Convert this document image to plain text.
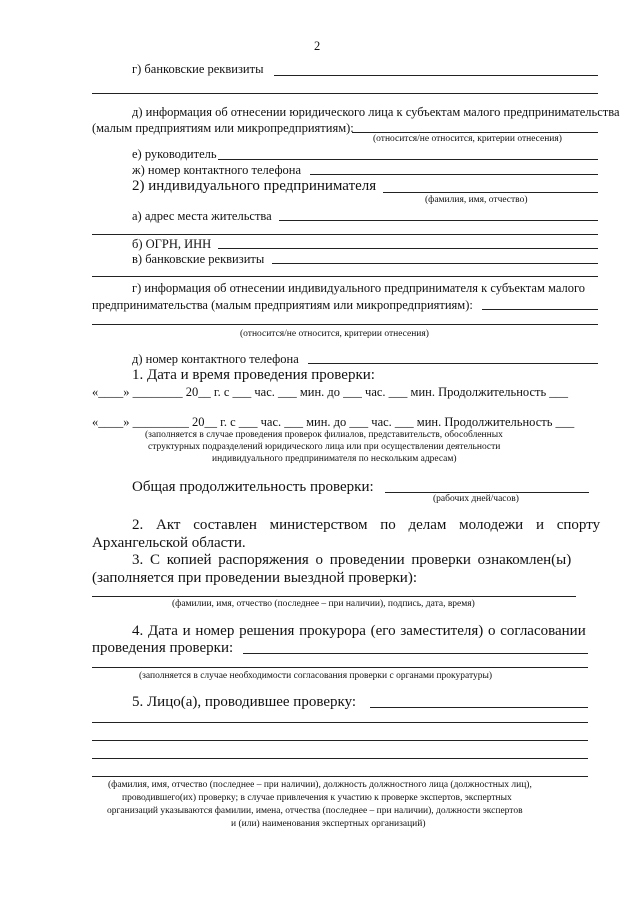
2
г) банковские реквизиты
д) информация об отнесении юридического лица к субъектам малого предпринимательства
(малым предприятиям или микропредприятиям):
(относится/не относится, критерии отнесения)
е) руководитель
ж) номер контактного телефона
2) индивидуального предпринимателя
(фамилия, имя, отчество)
а) адрес места жительства
б) ОГРН, ИНН
в) банковские реквизиты
г) информация об отнесении индивидуального предпринимателя к субъектам малого
предпринимательства (малым предприятиям или микропредприятиям):
(относится/не относится, критерии отнесения)
д) номер контактного телефона
1. Дата и время проведения проверки:
«____» ________ 20__ г. с ___ час. ___ мин. до ___ час. ___ мин. Продолжительность ___
«____» _________ 20__ г. с ___ час. ___ мин. до ___ час. ___ мин. Продолжительность ___
(заполняется в случае проведения проверок филиалов, представительств, обособленных
структурных подразделений юридического лица или при осуществлении деятельности
индивидуального предпринимателя по нескольким адресам)
Общая продолжительность проверки:
(рабочих дней/часов)
2. Акт составлен министерством по делам молодежи и спорту
Архангельской области.
3. С копией распоряжения о проведении проверки ознакомлен(ы)
(заполняется при проведении выездной проверки):
(фамилии, имя, отчество (последнее – при наличии), подпись, дата, время)
4. Дата и номер решения прокурора (его заместителя) о согласовании
проведения проверки:
(заполняется в случае необходимости согласования проверки с органами прокуратуры)
5. Лицо(а), проводившее проверку:
(фамилия, имя, отчество (последнее – при наличии), должность должностного лица (должностных лиц),
проводившего(их) проверку; в случае привлечения к участию к проверке экспертов, экспертных
организаций указываются фамилии, имена, отчества (последнее – при наличии), должности экспертов
и (или) наименования экспертных организаций)
